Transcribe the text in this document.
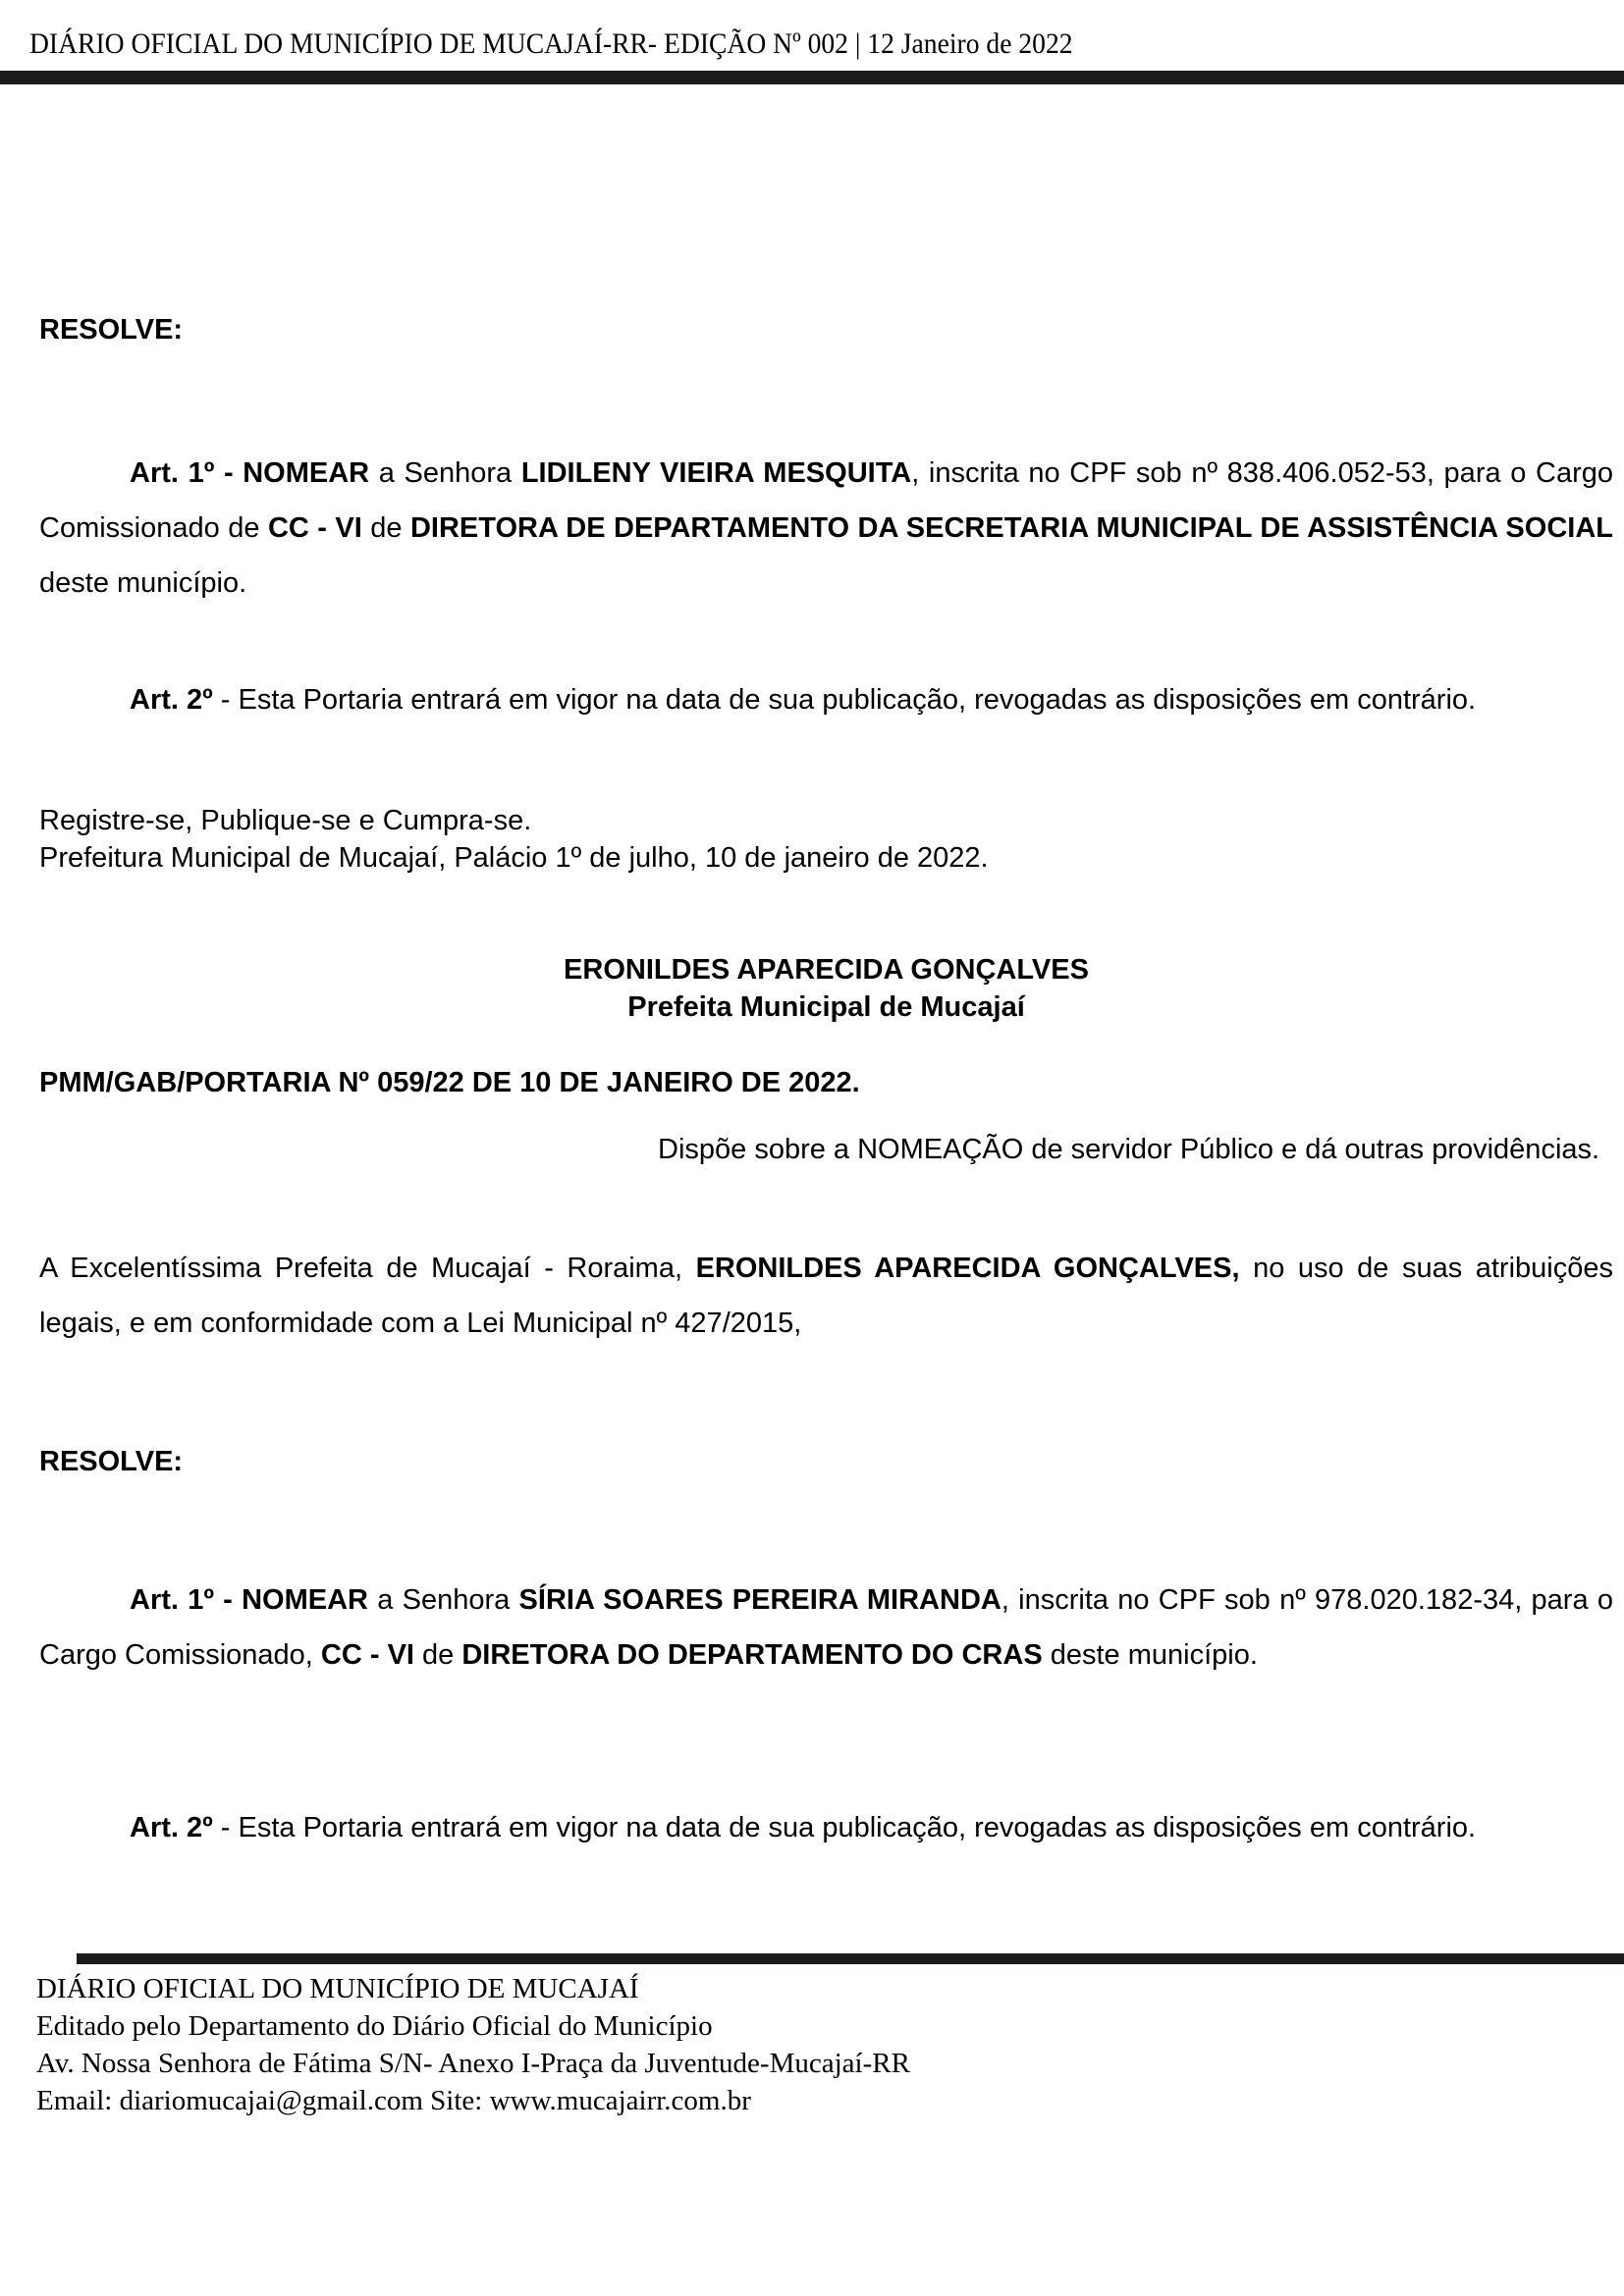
DIÁRIO OFICIAL DO MUNICÍPIO DE MUCAJAÍ-RR- EDIÇÃO Nº 002 | 12 Janeiro de 2022
RESOLVE:

Art. 1º - NOMEAR a Senhora LIDILENY VIEIRA MESQUITA, inscrita no CPF sob nº 838.406.052-53, para o Cargo Comissionado de CC - VI de DIRETORA DE DEPARTAMENTO DA SECRETARIA MUNICIPAL DE ASSISTÊNCIA SOCIAL deste município.

Art. 2º - Esta Portaria entrará em vigor na data de sua publicação, revogadas as disposições em contrário.

Registre-se, Publique-se e Cumpra-se.
Prefeitura Municipal de Mucajaí, Palácio 1º de julho, 10 de janeiro de 2022.
ERONILDES APARECIDA GONÇALVES
Prefeita Municipal de Mucajaí
PMM/GAB/PORTARIA Nº 059/22 DE 10 DE JANEIRO DE 2022.

Dispõe sobre a NOMEAÇÃO de servidor Público e dá outras providências.

A Excelentíssima Prefeita de Mucajaí - Roraima, ERONILDES APARECIDA GONÇALVES, no uso de suas atribuições legais, e em conformidade com a Lei Municipal nº 427/2015,

RESOLVE:

Art. 1º - NOMEAR a Senhora SÍRIA SOARES PEREIRA MIRANDA, inscrita no CPF sob nº 978.020.182-34, para o Cargo Comissionado, CC - VI de DIRETORA DO DEPARTAMENTO DO CRAS deste município.

Art. 2º - Esta Portaria entrará em vigor na data de sua publicação, revogadas as disposições em contrário.

DIÁRIO OFICIAL DO MUNICÍPIO DE MUCAJAÍ
Editado pelo Departamento do Diário Oficial do Município
Av. Nossa Senhora de Fátima S/N- Anexo I-Praça da Juventude-Mucajaí-RR
Email: diariomucajai@gmail.com Site: www.mucajairr.com.br
